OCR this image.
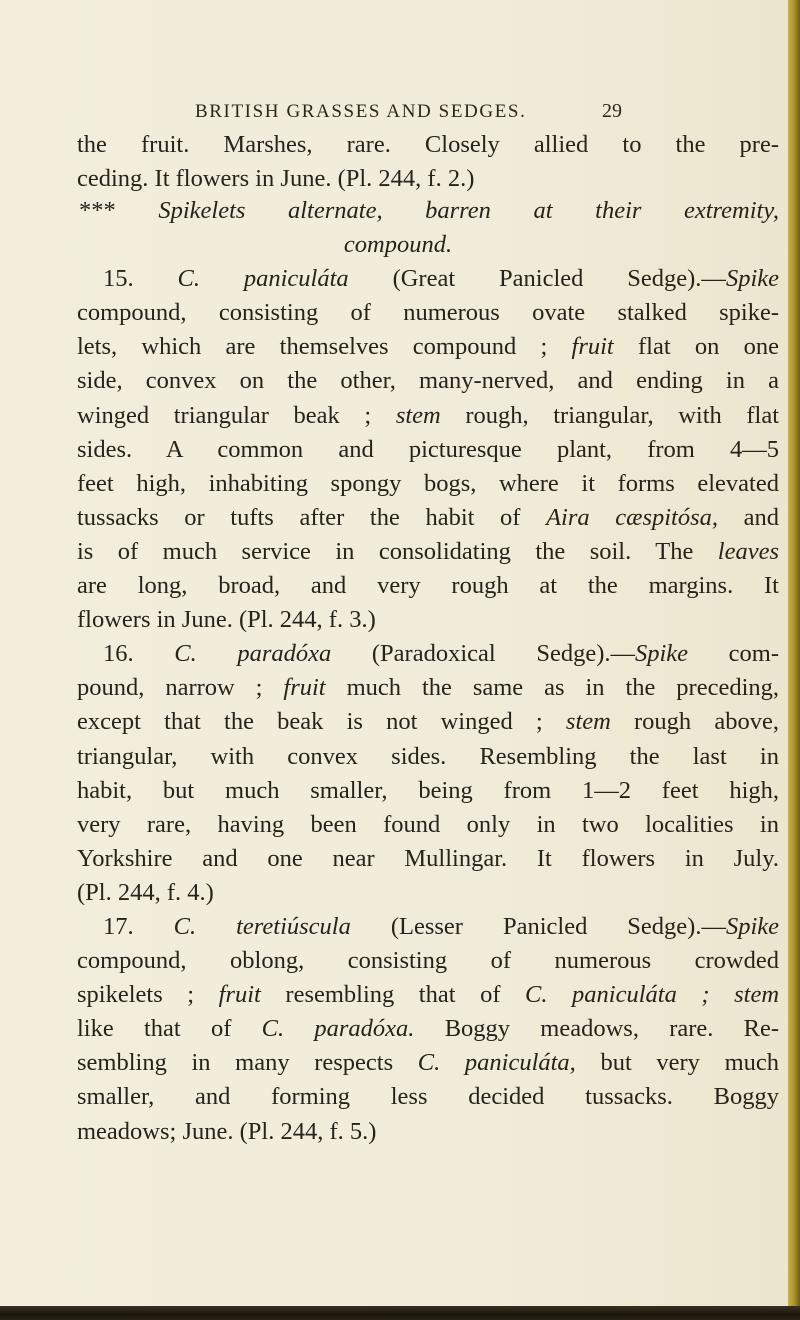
BRITISH GRASSES AND SEDGES.	29
the fruit. Marshes, rare. Closely allied to the pre-
ceding. It flowers in June. (Pl. 244, f. 2.)
*** Spikelets alternate, barren at their extremity,
compound.
15. C. paniculáta (Great Panicled Sedge).—Spike
compound, consisting of numerous ovate stalked spike-
lets, which are themselves compound ; fruit flat on one
side, convex on the other, many-nerved, and ending in a
winged triangular beak ; stem rough, triangular, with flat
sides. A common and picturesque plant, from 4—5
feet high, inhabiting spongy bogs, where it forms elevated
tussacks or tufts after the habit of Aira cæspitósa, and
is of much service in consolidating the soil. The leaves
are long, broad, and very rough at the margins. It
flowers in June. (Pl. 244, f. 3.)
16. C. paradóxa (Paradoxical Sedge).—Spike com-
pound, narrow ; fruit much the same as in the preceding,
except that the beak is not winged ; stem rough above,
triangular, with convex sides. Resembling the last in
habit, but much smaller, being from 1—2 feet high,
very rare, having been found only in two localities in
Yorkshire and one near Mullingar. It flowers in July.
(Pl. 244, f. 4.)
17. C. teretiúscula (Lesser Panicled Sedge).—Spike
compound, oblong, consisting of numerous crowded
spikelets ; fruit resembling that of C. paniculáta ; stem
like that of C. paradóxa. Boggy meadows, rare. Re-
sembling in many respects C. paniculáta, but very much
smaller, and forming less decided tussacks. Boggy
meadows; June. (Pl. 244, f. 5.)
